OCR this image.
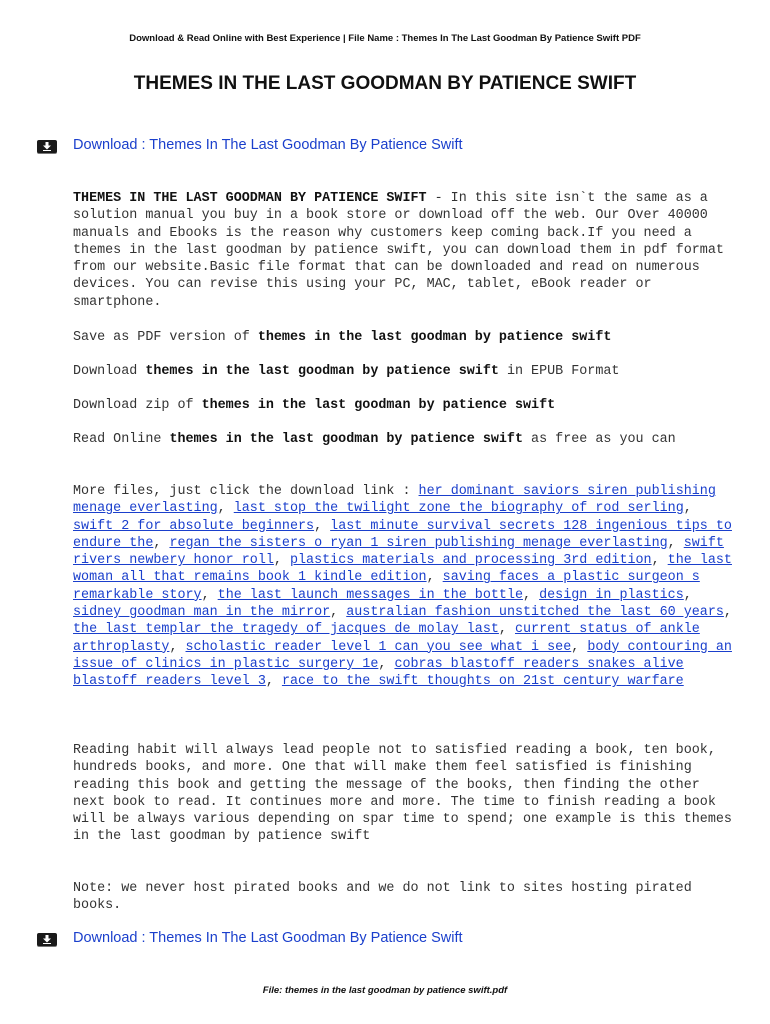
Download & Read Online with Best Experience | File Name : Themes In The Last Goodman By Patience Swift PDF
THEMES IN THE LAST GOODMAN BY PATIENCE SWIFT
Download : Themes In The Last Goodman By Patience Swift

THEMES IN THE LAST GOODMAN BY PATIENCE SWIFT - In this site isn`t the same as a solution manual you buy in a book store or download off the web. Our Over 40000 manuals and Ebooks is the reason why customers keep coming back.If you need a themes in the last goodman by patience swift, you can download them in pdf format from our website.Basic file format that can be downloaded and read on numerous devices. You can revise this using your PC, MAC, tablet, eBook reader or smartphone.

Save as PDF version of themes in the last goodman by patience swift

Download themes in the last goodman by patience swift in EPUB Format

Download zip of themes in the last goodman by patience swift

Read Online themes in the last goodman by patience swift as free as you can

More files, just click the download link : her dominant saviors siren publishing menage everlasting, last stop the twilight zone the biography of rod serling, swift 2 for absolute beginners, last minute survival secrets 128 ingenious tips to endure the, regan the sisters o ryan 1 siren publishing menage everlasting, swift rivers newbery honor roll, plastics materials and processing 3rd edition, the last woman all that remains book 1 kindle edition, saving faces a plastic surgeon s remarkable story, the last launch messages in the bottle, design in plastics, sidney goodman man in the mirror, australian fashion unstitched the last 60 years, the last templar the tragedy of jacques de molay last, current status of ankle arthroplasty, scholastic reader level 1 can you see what i see, body contouring an issue of clinics in plastic surgery 1e, cobras blastoff readers snakes alive blastoff readers level 3, race to the swift thoughts on 21st century warfare

Reading habit will always lead people not to satisfied reading a book, ten book, hundreds books, and more. One that will make them feel satisfied is finishing reading this book and getting the message of the books, then finding the other next book to read. It continues more and more. The time to finish reading a book will be always various depending on spar time to spend; one example is this themes in the last goodman by patience swift

Note: we never host pirated books and we do not link to sites hosting pirated books.

Download : Themes In The Last Goodman By Patience Swift
File: themes in the last goodman by patience swift.pdf
